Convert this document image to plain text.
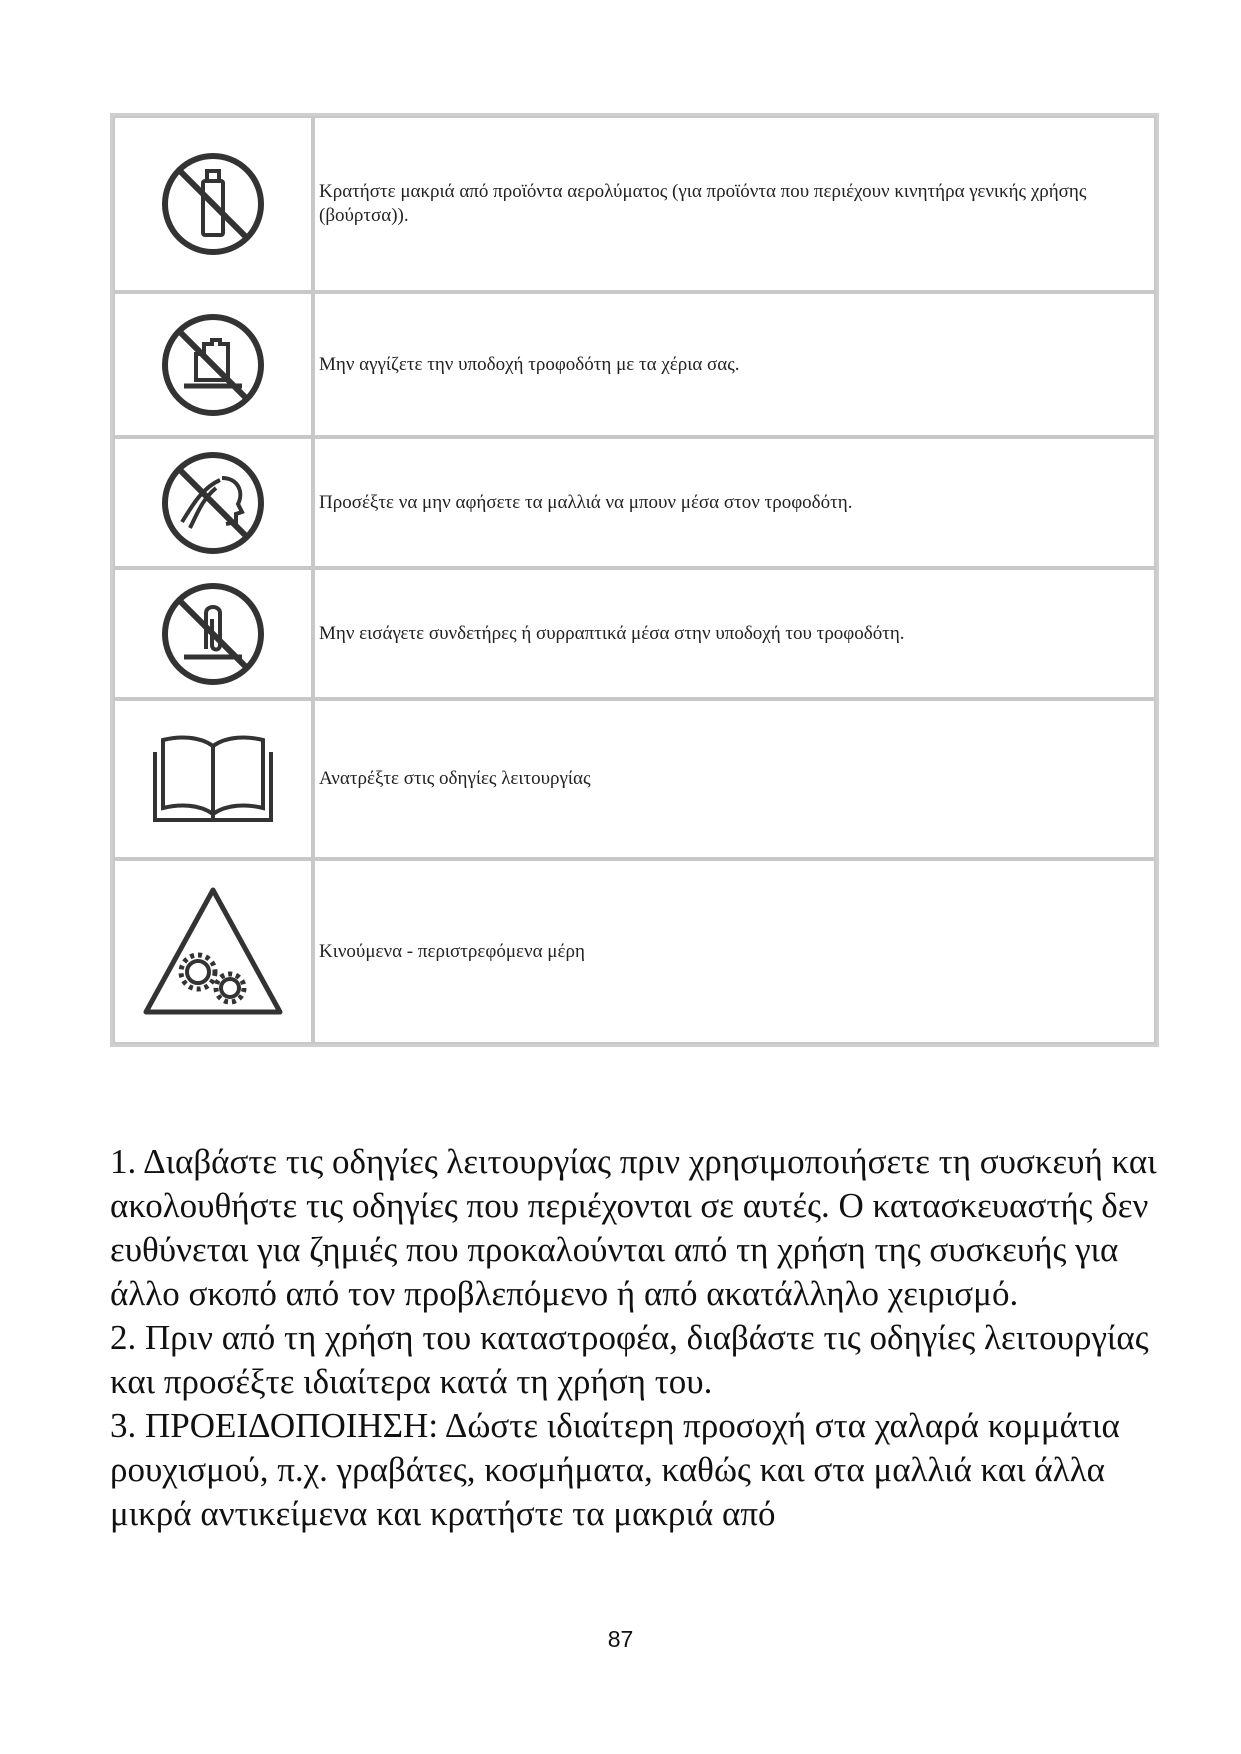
	Κρατήστε μακριά από προϊόντα αερολύματος (για προϊόντα που περιέχουν κινητήρα γενικής χρήσης (βούρτσα)).

	Μην αγγίζετε την υποδοχή τροφοδότη με τα χέρια σας.

	Προσέξτε να μην αφήσετε τα μαλλιά να μπουν μέσα στον τροφοδότη.

	Μην εισάγετε συνδετήρες ή συρραπτικά μέσα στην υποδοχή του τροφοδότη.

	Ανατρέξτε στις οδηγίες λειτουργίας

	Κινούμενα - περιστρεφόμενα μέρη

1. Διαβάστε τις οδηγίες λειτουργίας πριν χρησιμοποιήσετε τη συσκευή και ακολουθήστε τις οδηγίες που περιέχονται σε αυτές. Ο κατασκευαστής δεν ευθύνεται για ζημιές που προκαλούνται από τη χρήση της συσκευής για άλλο σκοπό από τον προβλεπόμενο ή από ακατάλληλο χειρισμό.

2. Πριν από τη χρήση του καταστροφέα, διαβάστε τις οδηγίες λειτουργίας και προσέξτε ιδιαίτερα κατά τη χρήση του.

3. ΠΡΟΕΙΔΟΠΟΙΗΣΗ: Δώστε ιδιαίτερη προσοχή στα χαλαρά κομμάτια ρουχισμού, π.χ. γραβάτες, κοσμήματα, καθώς και στα μαλλιά και άλλα μικρά αντικείμενα και κρατήστε τα μακριά από

87
